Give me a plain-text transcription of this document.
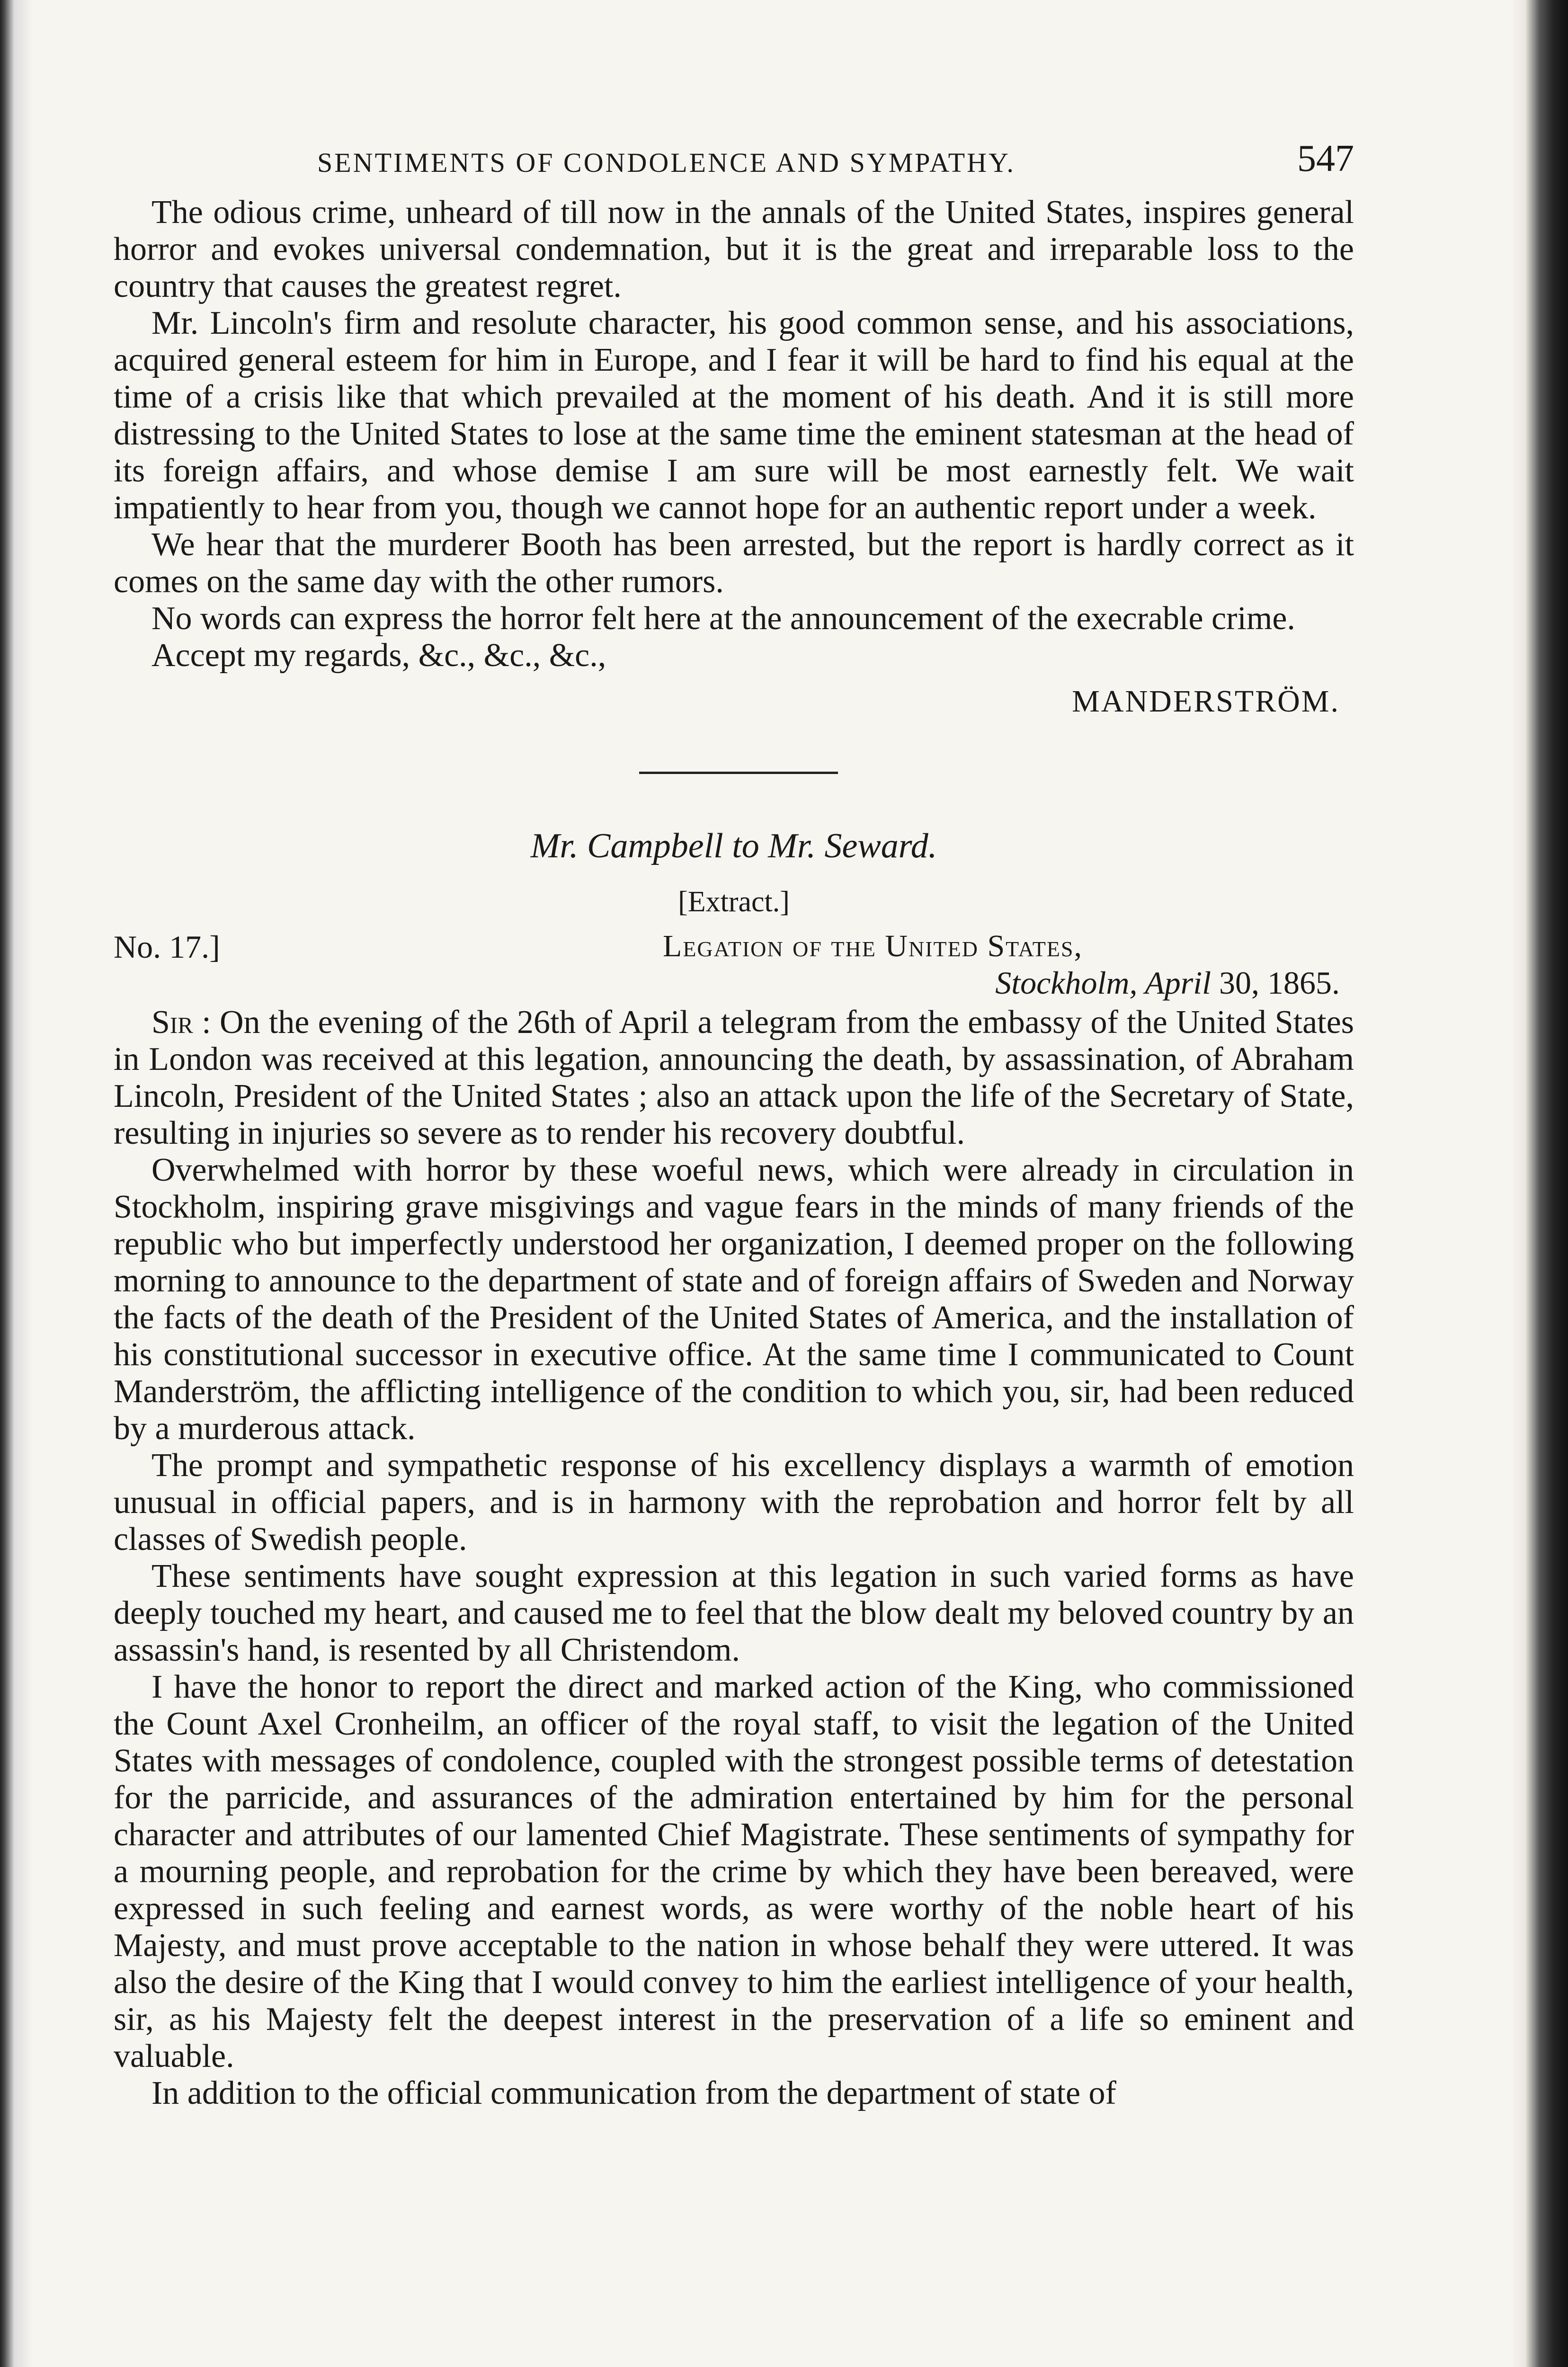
SENTIMENTS OF CONDOLENCE AND SYMPATHY.	547

The odious crime, unheard of till now in the annals of the United States, inspires general horror and evokes universal condemnation, but it is the great and irreparable loss to the country that causes the greatest regret.

Mr. Lincoln's firm and resolute character, his good common sense, and his associations, acquired general esteem for him in Europe, and I fear it will be hard to find his equal at the time of a crisis like that which prevailed at the moment of his death. And it is still more distressing to the United States to lose at the same time the eminent statesman at the head of its foreign affairs, and whose demise I am sure will be most earnestly felt. We wait impatiently to hear from you, though we cannot hope for an authentic report under a week.

We hear that the murderer Booth has been arrested, but the report is hardly correct as it comes on the same day with the other rumors.

No words can express the horror felt here at the announcement of the execrable crime.

Accept my regards, &c., &c., &c.,

MANDERSTRÖM.
Mr. Campbell to Mr. Seward.
[Extract.]
No. 17.]	Legation of the United States,
Stockholm, April 30, 1865.

Sir : On the evening of the 26th of April a telegram from the embassy of the United States in London was received at this legation, announcing the death, by assassination, of Abraham Lincoln, President of the United States ; also an attack upon the life of the Secretary of State, resulting in injuries so severe as to render his recovery doubtful.

Overwhelmed with horror by these woeful news, which were already in circulation in Stockholm, inspiring grave misgivings and vague fears in the minds of many friends of the republic who but imperfectly understood her organization, I deemed proper on the following morning to announce to the department of state and of foreign affairs of Sweden and Norway the facts of the death of the President of the United States of America, and the installation of his constitutional successor in executive office. At the same time I communicated to Count Manderström, the afflicting intelligence of the condition to which you, sir, had been reduced by a murderous attack.

The prompt and sympathetic response of his excellency displays a warmth of emotion unusual in official papers, and is in harmony with the reprobation and horror felt by all classes of Swedish people.

These sentiments have sought expression at this legation in such varied forms as have deeply touched my heart, and caused me to feel that the blow dealt my beloved country by an assassin's hand, is resented by all Christendom.

I have the honor to report the direct and marked action of the King, who commissioned the Count Axel Cronheilm, an officer of the royal staff, to visit the legation of the United States with messages of condolence, coupled with the strongest possible terms of detestation for the parricide, and assurances of the admiration entertained by him for the personal character and attributes of our lamented Chief Magistrate. These sentiments of sympathy for a mourning people, and reprobation for the crime by which they have been bereaved, were expressed in such feeling and earnest words, as were worthy of the noble heart of his Majesty, and must prove acceptable to the nation in whose behalf they were uttered. It was also the desire of the King that I would convey to him the earliest intelligence of your health, sir, as his Majesty felt the deepest interest in the preservation of a life so eminent and valuable.

In addition to the official communication from the department of state of
